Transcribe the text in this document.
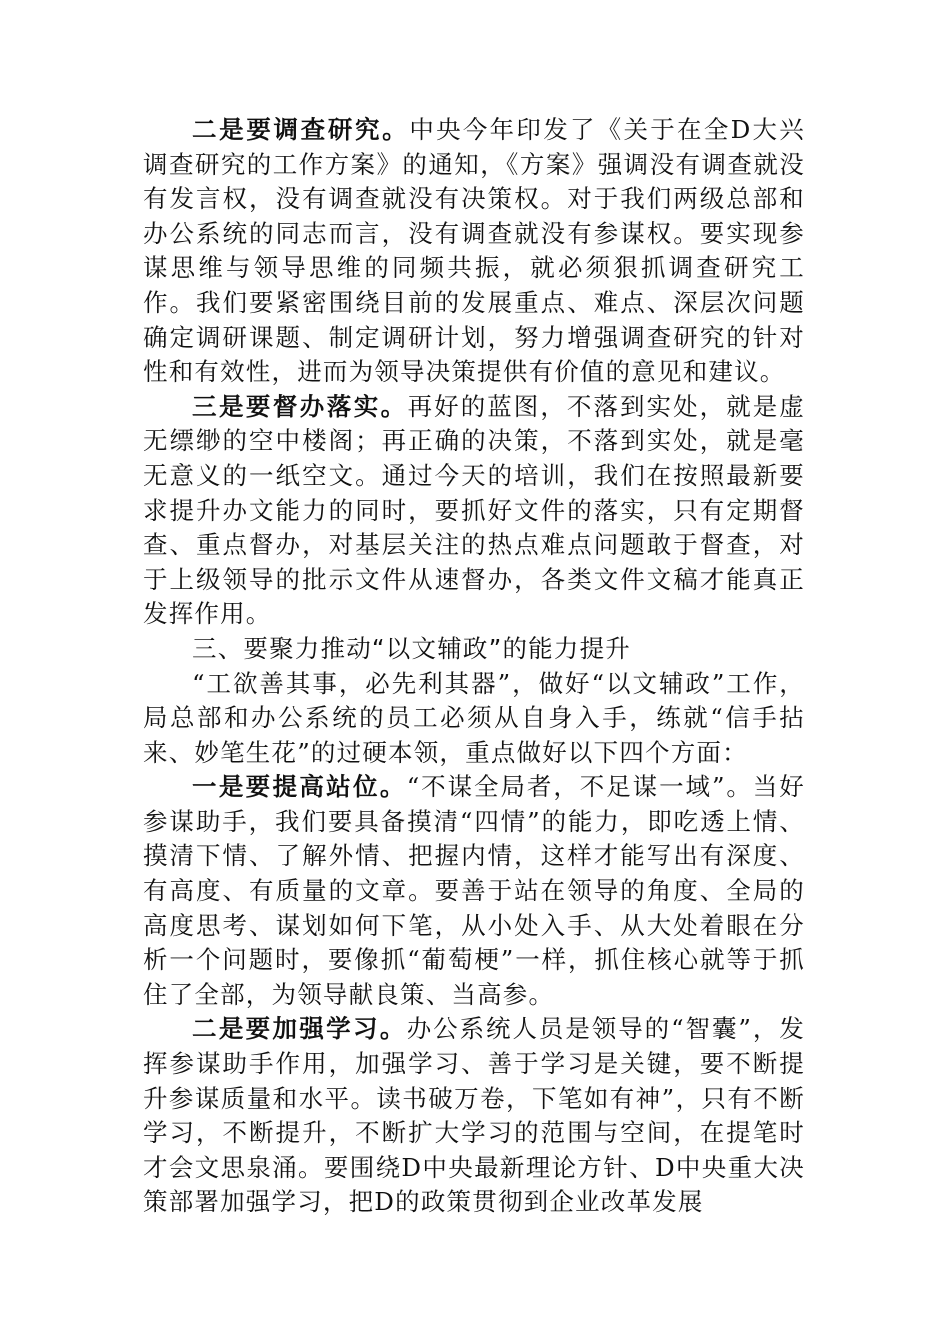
二是要调查研究。中央今年印发了《关于在全D大兴调查研究的工作方案》的通知，《方案》强调没有调查就没有发言权，没有调查就没有决策权。对于我们两级总部和办公系统的同志而言，没有调查就没有参谋权。要实现参谋思维与领导思维的同频共振，就必须狠抓调查研究工作。我们要紧密围绕目前的发展重点、难点、深层次问题确定调研课题、制定调研计划，努力增强调查研究的针对性和有效性，进而为领导决策提供有价值的意见和建议。

三是要督办落实。再好的蓝图，不落到实处，就是虚无缥缈的空中楼阁；再正确的决策，不落到实处，就是毫无意义的一纸空文。通过今天的培训，我们在按照最新要求提升办文能力的同时，要抓好文件的落实，只有定期督查、重点督办，对基层关注的热点难点问题敢于督查，对于上级领导的批示文件从速督办，各类文件文稿才能真正发挥作用。

三、要聚力推动“以文辅政”的能力提升

“工欲善其事，必先利其器”，做好“以文辅政”工作，局总部和办公系统的员工必须从自身入手，练就“信手拈来、妙笔生花”的过硬本领，重点做好以下四个方面：

一是要提高站位。“不谋全局者，不足谋一域”。当好参谋助手，我们要具备摸清“四情”的能力，即吃透上情、摸清下情、了解外情、把握内情，这样才能写出有深度、有高度、有质量的文章。要善于站在领导的角度、全局的高度思考、谋划如何下笔，从小处入手、从大处着眼在分析一个问题时，要像抓“葡萄梗”一样，抓住核心就等于抓住了全部，为领导献良策、当高参。

二是要加强学习。办公系统人员是领导的“智囊”，发挥参谋助手作用，加强学习、善于学习是关键，要不断提升参谋质量和水平。读书破万卷，下笔如有神”，只有不断学习，不断提升，不断扩大学习的范围与空间，在提笔时才会文思泉涌。要围绕D中央最新理论方针、D中央重大决策部署加强学习，把D的政策贯彻到企业改革发展
